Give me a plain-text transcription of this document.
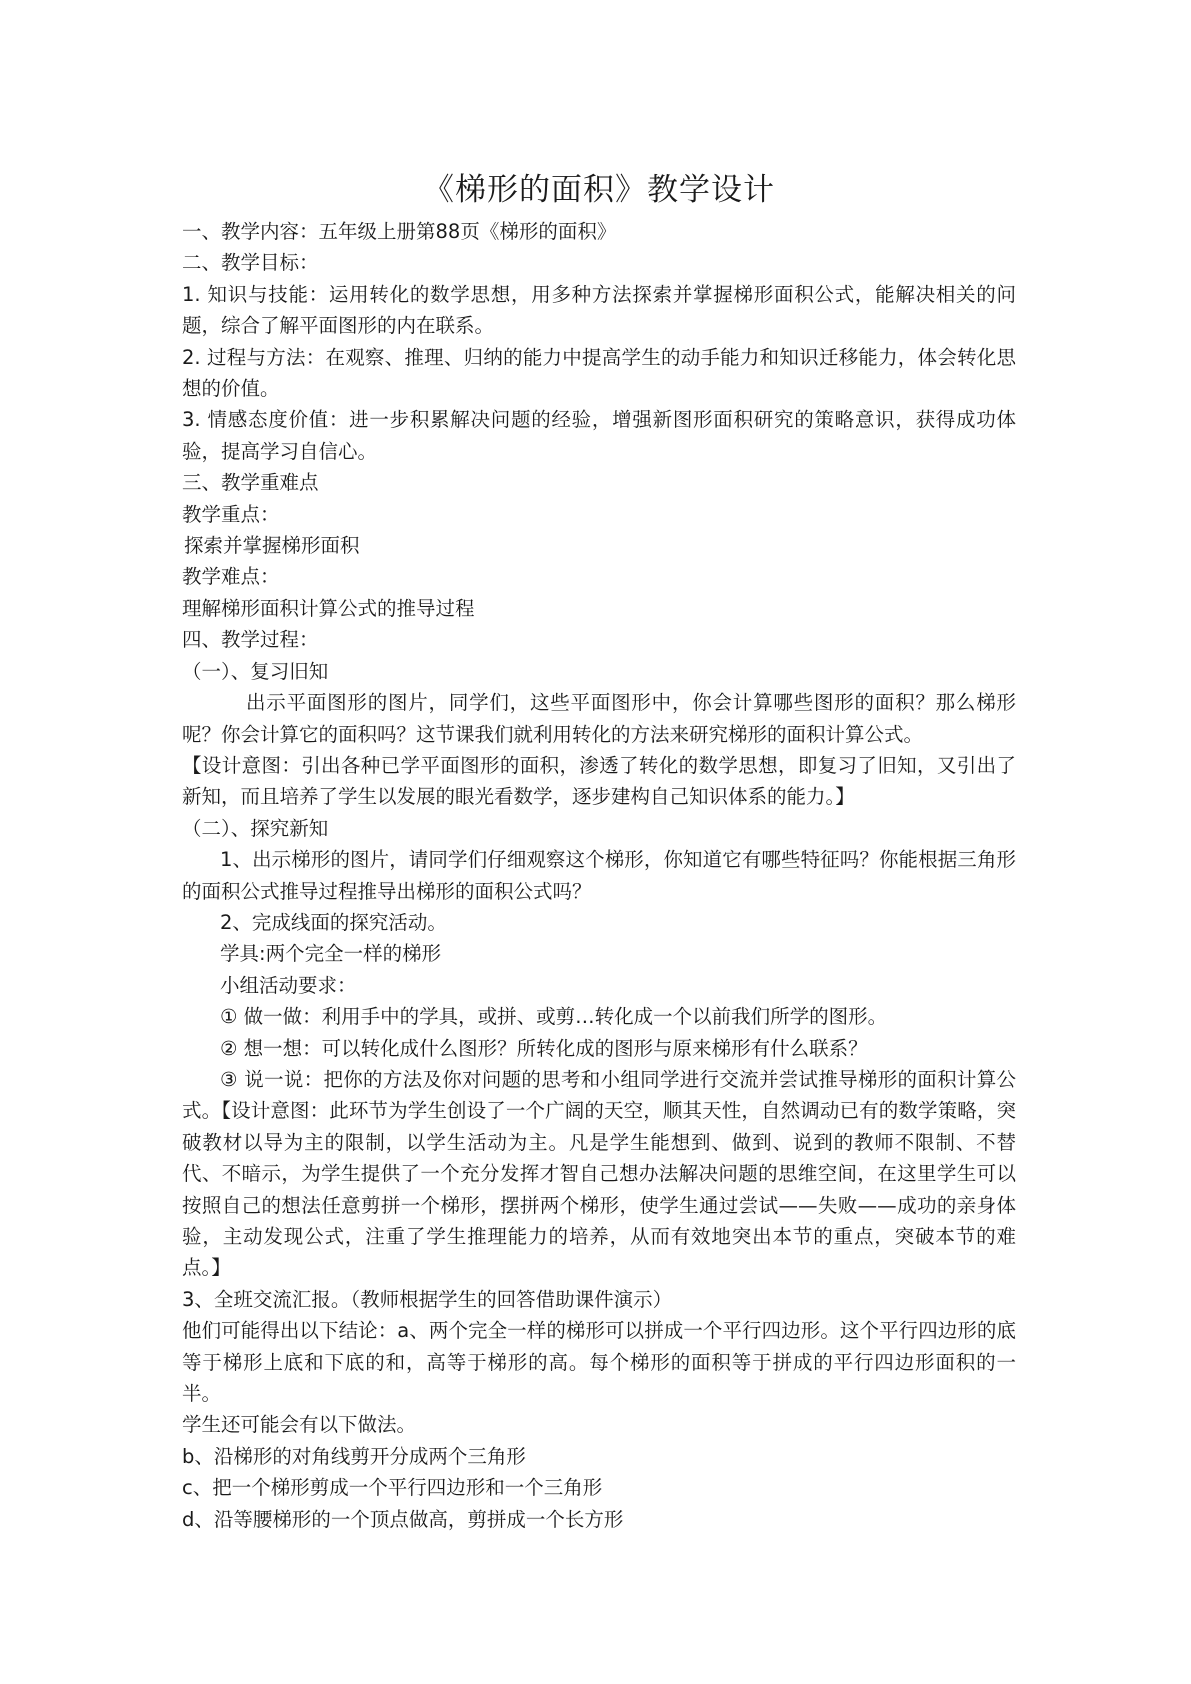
《梯形的面积》教学设计

一、教学内容：五年级上册第88页《梯形的面积》

二、教学目标：

1. 知识与技能：运用转化的数学思想，用多种方法探索并掌握梯形面积公式，能解决相关的问题，综合了解平面图形的内在联系。

2. 过程与方法：在观察、推理、归纳的能力中提高学生的动手能力和知识迁移能力，体会转化思想的价值。

3. 情感态度价值：进一步积累解决问题的经验，增强新图形面积研究的策略意识，获得成功体验，提高学习自信心。

三、教学重难点

教学重点：

探索并掌握梯形面积

教学难点：

理解梯形面积计算公式的推导过程

四、教学过程：

（一）、复习旧知

出示平面图形的图片，同学们，这些平面图形中，你会计算哪些图形的面积？那么梯形呢？你会计算它的面积吗？这节课我们就利用转化的方法来研究梯形的面积计算公式。

【设计意图：引出各种已学平面图形的面积，渗透了转化的数学思想，即复习了旧知，又引出了新知，而且培养了学生以发展的眼光看数学，逐步建构自己知识体系的能力。】

（二）、探究新知

1、出示梯形的图片，请同学们仔细观察这个梯形，你知道它有哪些特征吗？你能根据三角形的面积公式推导过程推导出梯形的面积公式吗？

2、完成线面的探究活动。

学具:两个完全一样的梯形

小组活动要求：

① 做一做：利用手中的学具，或拼、或剪…转化成一个以前我们所学的图形。

② 想一想：可以转化成什么图形？所转化成的图形与原来梯形有什么联系？

③ 说一说：把你的方法及你对问题的思考和小组同学进行交流并尝试推导梯形的面积计算公式。【设计意图：此环节为学生创设了一个广阔的天空，顺其天性，自然调动已有的数学策略，突破教材以导为主的限制，以学生活动为主。凡是学生能想到、做到、说到的教师不限制、不替代、不暗示，为学生提供了一个充分发挥才智自己想办法解决问题的思维空间，在这里学生可以按照自己的想法任意剪拼一个梯形，摆拼两个梯形，使学生通过尝试——失败——成功的亲身体验，主动发现公式，注重了学生推理能力的培养，从而有效地突出本节的重点，突破本节的难点。】

3、全班交流汇报。（教师根据学生的回答借助课件演示）

他们可能得出以下结论：a、两个完全一样的梯形可以拼成一个平行四边形。这个平行四边形的底等于梯形上底和下底的和，高等于梯形的高。每个梯形的面积等于拼成的平行四边形面积的一半。

学生还可能会有以下做法。

b、沿梯形的对角线剪开分成两个三角形

c、把一个梯形剪成一个平行四边形和一个三角形

d、沿等腰梯形的一个顶点做高，剪拼成一个长方形
